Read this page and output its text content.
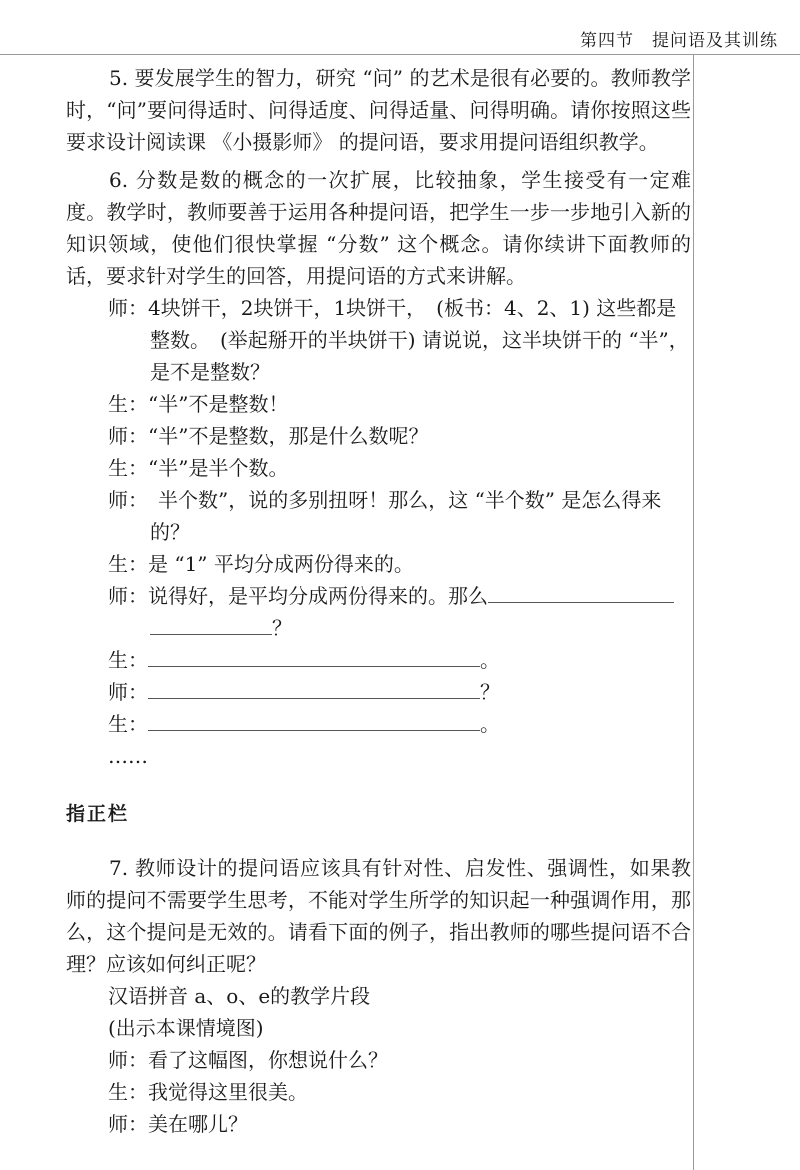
第四节　提问语及其训练

5. 要发展学生的智力，研究 “问” 的艺术是很有必要的。教师教学时，“问”要问得适时、问得适度、问得适量、问得明确。请你按照这些要求设计阅读课 《小摄影师》 的提问语，要求用提问语组织教学。

6. 分数是数的概念的一次扩展，比较抽象，学生接受有一定难度。教学时，教师要善于运用各种提问语，把学生一步一步地引入新的知识领域，使他们很快掌握 “分数” 这个概念。请你续讲下面教师的话，要求针对学生的回答，用提问语的方式来讲解。

师：4块饼干，2块饼干，1块饼干，　(板书：4、2、1) 这些都是整数。　(举起掰开的半块饼干) 请说说，这半块饼干的 “半”，是不是整数？

生：“半”不是整数！

师：“半”不是整数，那是什么数呢？

生：“半”是半个数。

师：　半个数”，说的多别扭呀！那么，这 “半个数” 是怎么得来的？

生：是 “1” 平均分成两份得来的。

师：说得好，是平均分成两份得来的。那么

？

生：	。

师：	？

生：	。

……

指正栏

7. 教师设计的提问语应该具有针对性、启发性、强调性，如果教师的提问不需要学生思考，不能对学生所学的知识起一种强调作用，那么，这个提问是无效的。请看下面的例子，指出教师的哪些提问语不合理？应该如何纠正呢？

汉语拼音 a、o、e的教学片段

(出示本课情境图)

师：看了这幅图，你想说什么？

生：我觉得这里很美。

师：美在哪儿？
